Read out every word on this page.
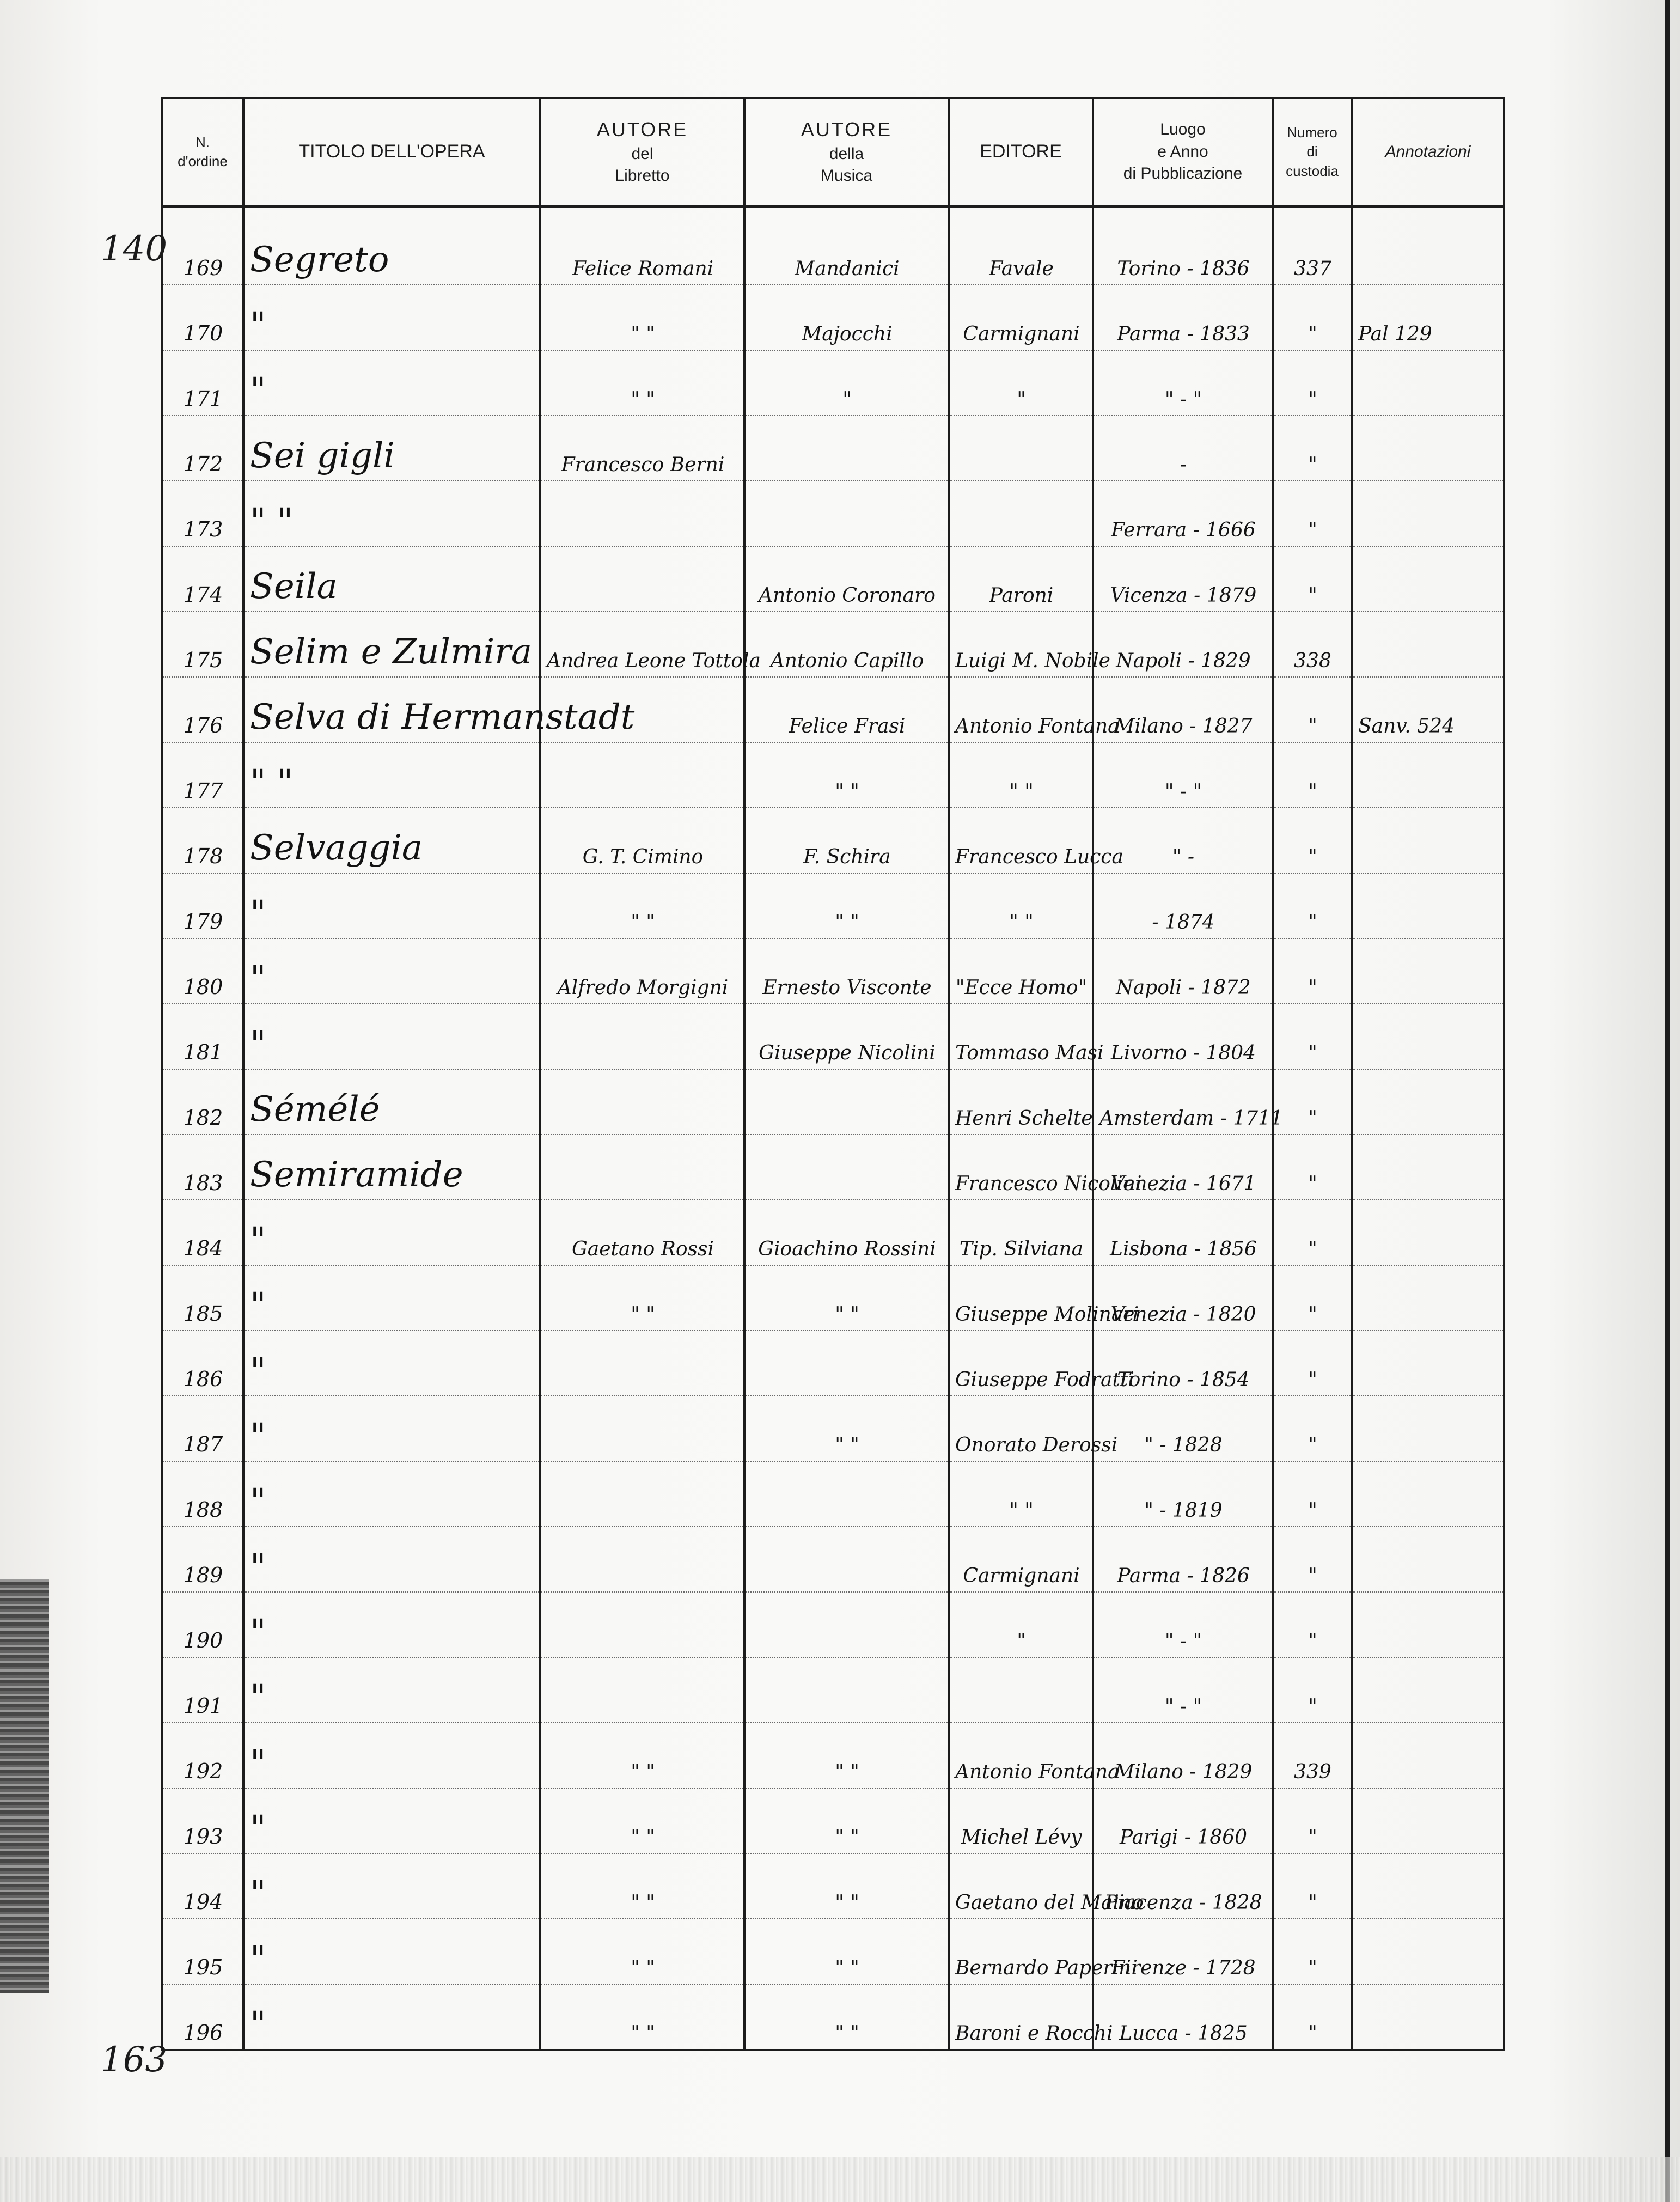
140
163
N.
d'ordine	TITOLO DELL'OPERA	AUTORE
del
Libretto	AUTORE
della
Musica	EDITORE	Luogo
e Anno
di Pubblicazione	Numero
di
custodia	Annotazioni
169	Segreto	Felice Romani	Mandanici	Favale	Torino - 1836	337	
170	"	" "	Majocchi	Carmignani	Parma - 1833	"	Pal 129
171	"	" "	"	"	" - "	"	
172	Sei gigli	Francesco Berni			-	"	
173	" "				Ferrara - 1666	"	
174	Seila		Antonio Coronaro	Paroni	Vicenza - 1879	"	
175	Selim e Zulmira	Andrea Leone Tottola	Antonio Capillo	Luigi M. Nobile	Napoli - 1829	338	
176	Selva di Hermanstadt		Felice Frasi	Antonio Fontana	Milano - 1827	"	Sanv. 524
177	" "		" "	" "	" - "	"	
178	Selvaggia	G. T. Cimino	F. Schira	Francesco Lucca	" -	"	
179	"	" "	" "	" "	- 1874	"	
180	"	Alfredo Morgigni	Ernesto Visconte	"Ecce Homo"	Napoli - 1872	"	
181	"		Giuseppe Nicolini	Tommaso Masi	Livorno - 1804	"	
182	Sémélé			Henri Schelte	Amsterdam - 1711	"	
183	Semiramide			Francesco Nicolini	Venezia - 1671	"	
184	"	Gaetano Rossi	Gioachino Rossini	Tip. Silviana	Lisbona - 1856	"	
185	"	" "	" "	Giuseppe Molinari	Venezia - 1820	"	
186	"			Giuseppe Fodratti	Torino - 1854	"	
187	"		" "	Onorato Derossi	" - 1828	"	
188	"			" "	" - 1819	"	
189	"			Carmignani	Parma - 1826	"	
190	"			"	" - "	"	
191	"				" - "	"	
192	"	" "	" "	Antonio Fontana	Milano - 1829	339	
193	"	" "	" "	Michel Lévy	Parigi - 1860	"	
194	"	" "	" "	Gaetano del Maino	Piacenza - 1828	"	
195	"	" "	" "	Bernardo Paperini	Firenze - 1728	"	
196	"	" "	" "	Baroni e Rocchi	Lucca - 1825	"	
